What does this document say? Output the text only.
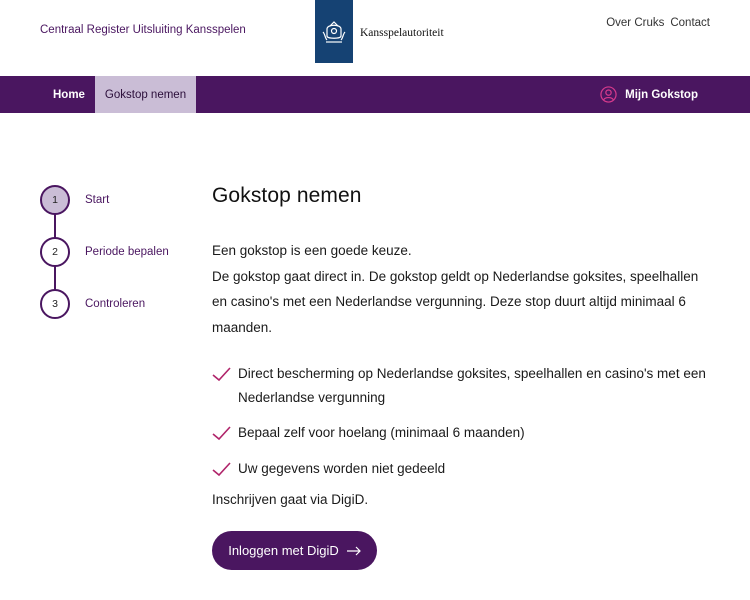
Centraal Register Uitsluiting Kansspelen	Kansspelautoriteit
Over Cruks Contact
Home	Gokstop nemen	Mijn Gokstop
1	Start
2	Periode bepalen
3	Controleren
Gokstop nemen

Een gokstop is een goede keuze.

De gokstop gaat direct in. De gokstop geldt op Nederlandse goksites, speelhallen en casino's met een Nederlandse vergunning. Deze stop duurt altijd minimaal 6 maanden.

Direct bescherming op Nederlandse goksites, speelhallen en casino's met een Nederlandse vergunning
Bepaal zelf voor hoelang (minimaal 6 maanden)
Uw gegevens worden niet gedeeld

Inschrijven gaat via DigiD.

Inloggen met DigiD
